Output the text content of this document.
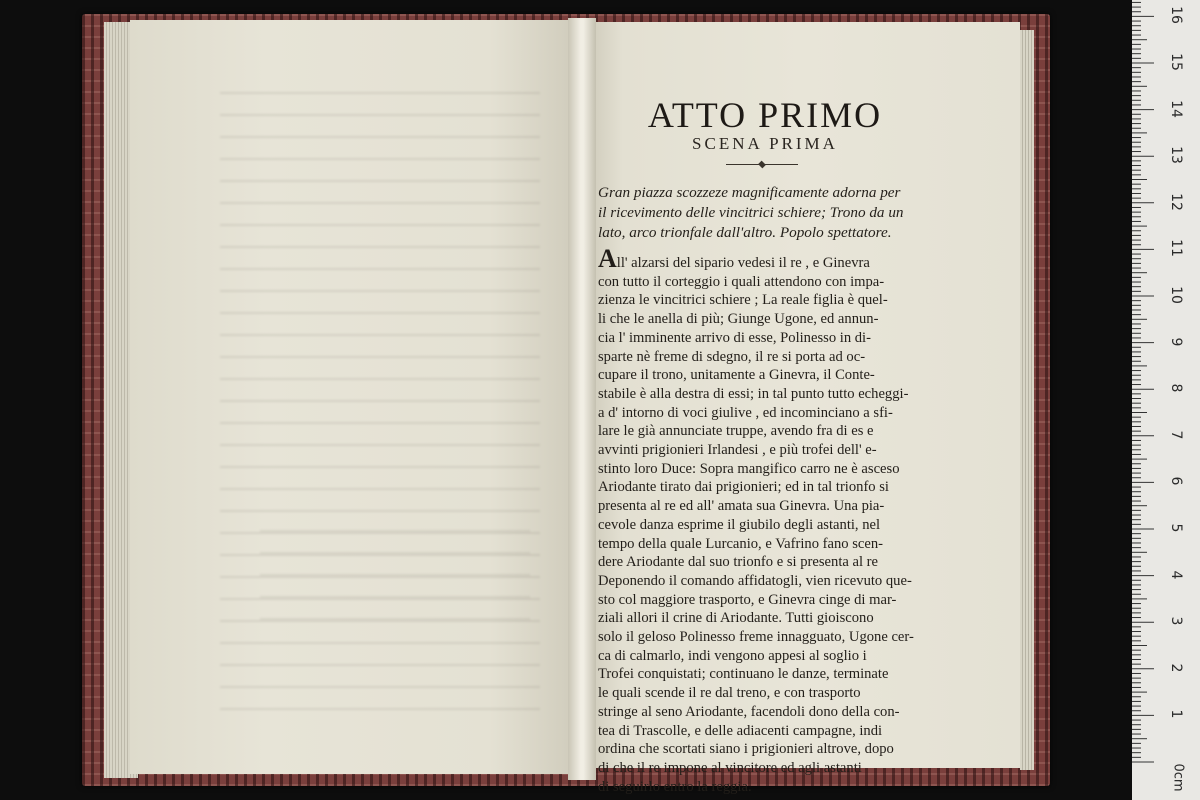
ATTO PRIMO
SCENA PRIMA
Gran piazza scozzeze magnificamente adorna per
il ricevimento delle vincitrici schiere; Trono da un
lato, arco trionfale dall'altro. Popolo spettatore.
All' alzarsi del sipario vedesi il re , e Ginevra
con tutto il corteggio i quali attendono con impa-
zienza le vincitrici schiere ; La reale figlia è quel-
li che le anella di più; Giunge Ugone, ed annun-
cia l' imminente arrivo di esse, Polinesso in di-
sparte nè freme di sdegno, il re si porta ad oc-
cupare il trono, unitamente a Ginevra, il Conte-
stabile è alla destra di essi; in tal punto tutto echeggi-
a d' intorno di voci giulive , ed incominciano a sfi-
lare le già annunciate truppe, avendo fra di es e
avvinti prigionieri Irlandesi , e più trofei dell' e-
stinto loro Duce: Sopra mangifico carro ne è asceso
Ariodante tirato dai prigionieri; ed in tal trionfo si
presenta al re ed all' amata sua Ginevra. Una pia-
cevole danza esprime il giubilo degli astanti, nel
tempo della quale Lurcanio, e Vafrino fano scen-
dere Ariodante dal suo trionfo e si presenta al re
Deponendo il comando affidatogli, vien ricevuto que-
sto col maggiore trasporto, e Ginevra cinge di mar-
ziali allori il crine di Ariodante. Tutti gioiscono
solo il geloso Polinesso freme innagguato, Ugone cer-
ca di calmarlo, indi vengono appesi al soglio i
Trofei conquistati; continuano le danze, terminate
le quali scende il re dal treno, e con trasporto
stringe al seno Ariodante, facendoli dono della con-
tea di Trascolle, e delle adiacenti campagne, indi
ordina che scortati siano i prigionieri altrove, dopo
di che il re impone al vincitore ed agli astanti
di seguirlo entro la reggia.
16
15
14
13
12
11
10
9
8
7
6
5
4
3
2
1
0cm
